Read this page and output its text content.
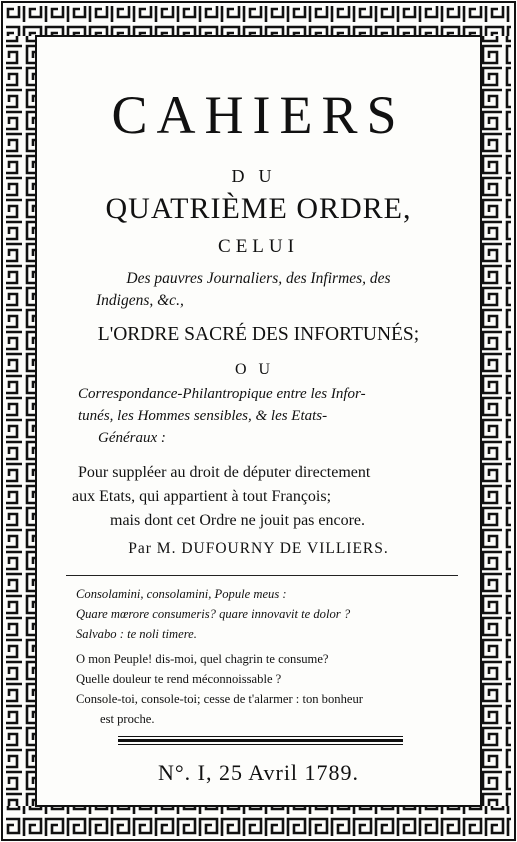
CAHIERS
DU
QUATRIÈME ORDRE,
CELUI
Des pauvres Journaliers, des Infirmes, des
Indigens, &c.,
L'ORDRE SACRÉ DES INFORTUNÉS;
OU
Correspondance-Philantropique entre les Infor-
tunés, les Hommes sensibles, & les Etats-
Généraux :
Pour suppléer au droit de députer directement
aux Etats, qui appartient à tout François;
mais dont cet Ordre ne jouit pas encore.
Par M. DUFOURNY DE VILLIERS.
Consolamini, consolamini, Popule meus :
Quare mœrore consumeris? quare innovavit te dolor ?
Salvabo : te noli timere.
O mon Peuple! dis-moi, quel chagrin te consume?
Quelle douleur te rend méconnoissable ?
Console-toi, console-toi; cesse de t'alarmer : ton bonheur
est proche.
N°. I, 25 Avril 1789.
